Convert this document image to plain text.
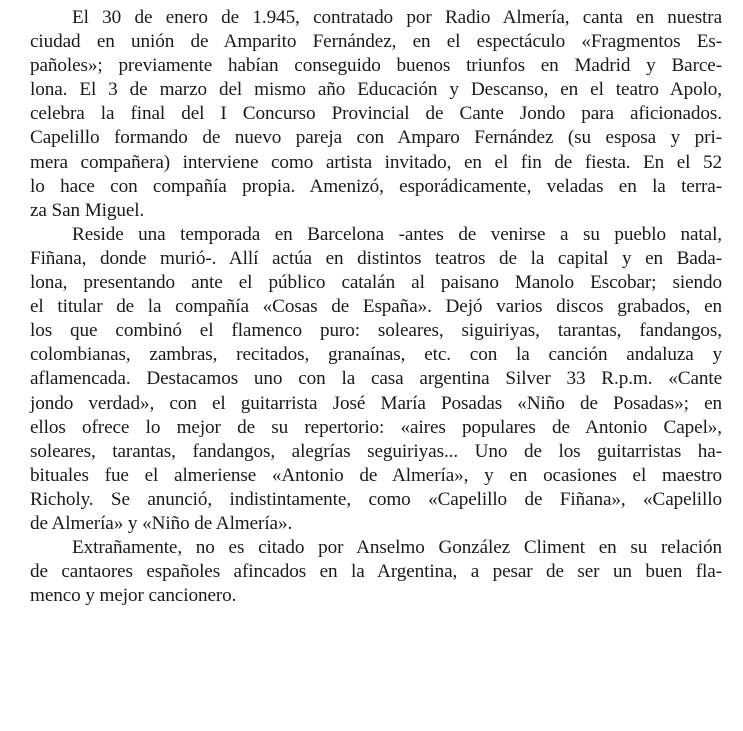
El 30 de enero de 1.945, contratado por Radio Almería, canta en nuestra
ciudad en unión de Amparito Fernández, en el espectáculo «Fragmentos Es-
pañoles»; previamente habían conseguido buenos triunfos en Madrid y Barce-
lona. El 3 de marzo del mismo año Educación y Descanso, en el teatro Apolo,
celebra la final del I Concurso Provincial de Cante Jondo para aficionados.
Capelillo formando de nuevo pareja con Amparo Fernández (su esposa y pri-
mera compañera) interviene como artista invitado, en el fin de fiesta. En el 52
lo hace con compañía propia. Amenizó, esporádicamente, veladas en la terra-
za San Miguel.
Reside una temporada en Barcelona -antes de venirse a su pueblo natal,
Fiñana, donde murió-. Allí actúa en distintos teatros de la capital y en Bada-
lona, presentando ante el público catalán al paisano Manolo Escobar; siendo
el titular de la compañía «Cosas de España». Dejó varios discos grabados, en
los que combinó el flamenco puro: soleares, siguiriyas, tarantas, fandangos,
colombianas, zambras, recitados, granaínas, etc. con la canción andaluza y
aflamencada. Destacamos uno con la casa argentina Silver 33 R.p.m. «Cante
jondo verdad», con el guitarrista José María Posadas «Niño de Posadas»; en
ellos ofrece lo mejor de su repertorio: «aires populares de Antonio Capel»,
soleares, tarantas, fandangos, alegrías seguiriyas... Uno de los guitarristas ha-
bituales fue el almeriense «Antonio de Almería», y en ocasiones el maestro
Richoly. Se anunció, indistintamente, como «Capelillo de Fiñana», «Capelillo
de Almería» y «Niño de Almería».
Extrañamente, no es citado por Anselmo González Climent en su relación
de cantaores españoles afincados en la Argentina, a pesar de ser un buen fla-
menco y mejor cancionero.
